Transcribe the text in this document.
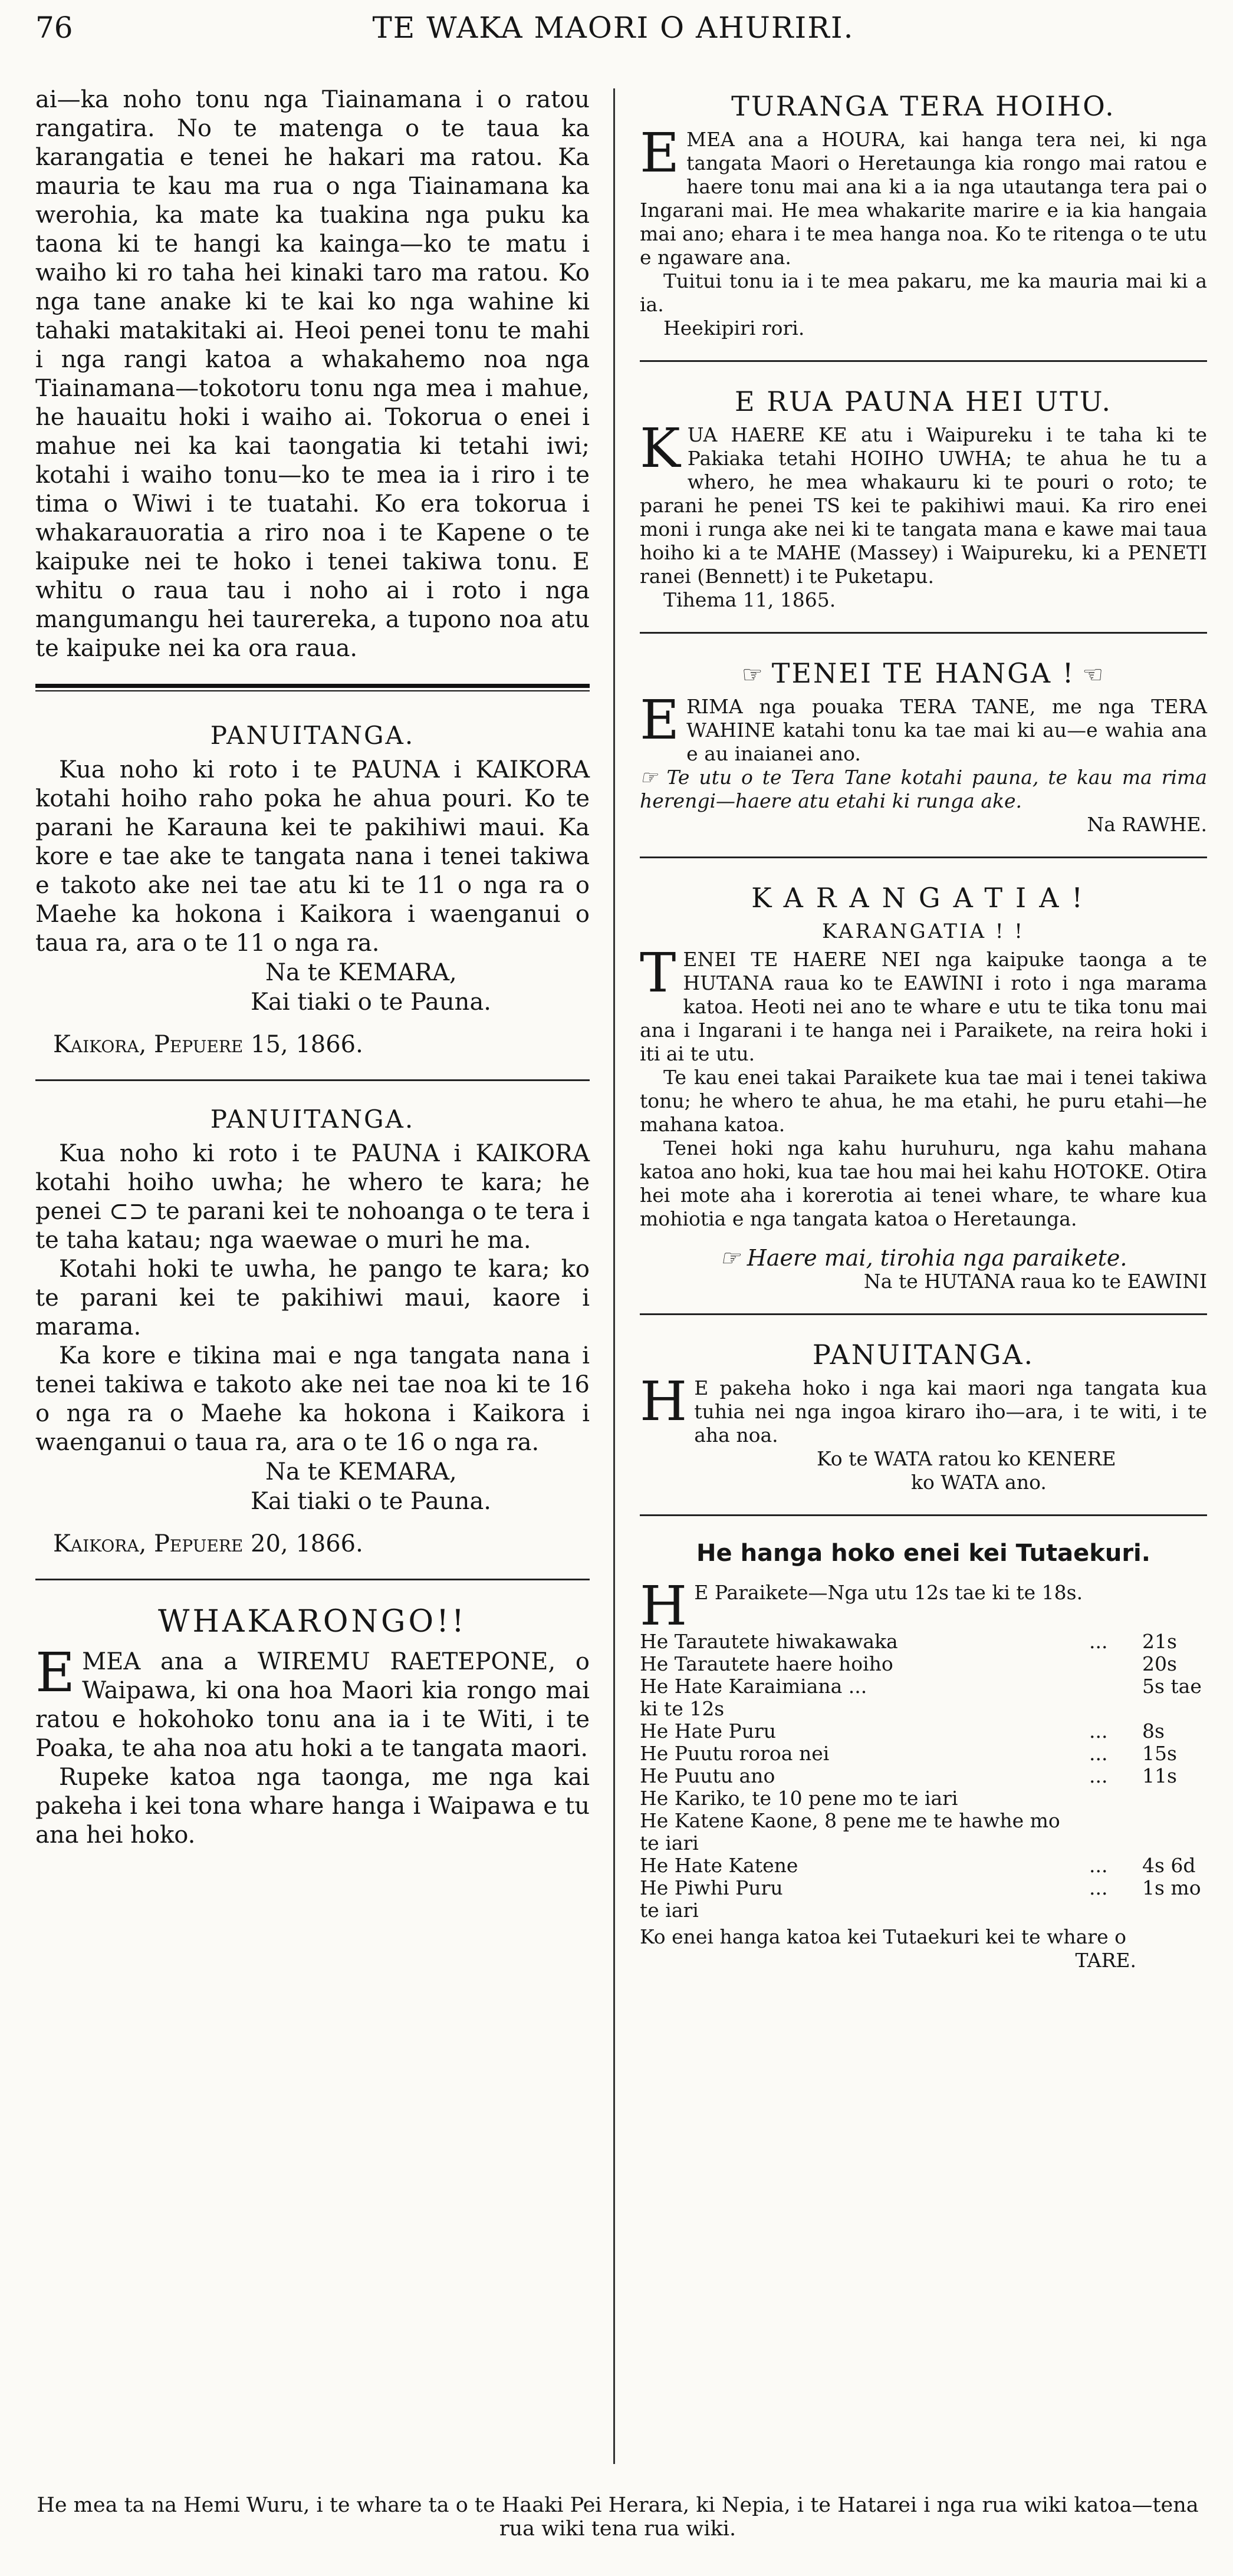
76	TE WAKA MAORI O AHURIRI.

ai—ka noho tonu nga Tiainamana i o ratou rangatira. No te matenga o te taua ka karangatia e tenei he hakari ma ratou. Ka mauria te kau ma rua o nga Tiainamana ka werohia, ka mate ka tuakina nga puku ka taona ki te hangi ka kainga—ko te matu i waiho ki ro taha hei kinaki taro ma ratou. Ko nga tane anake ki te kai ko nga wahine ki tahaki matakitaki ai. Heoi penei tonu te mahi i nga rangi katoa a whakahemo noa nga Tiainamana—tokotoru tonu nga mea i mahue, he hauaitu hoki i waiho ai. Tokorua o enei i mahue nei ka kai taongatia ki tetahi iwi; kotahi i waiho tonu—ko te mea ia i riro i te tima o Wiwi i te tuatahi. Ko era tokorua i whakarauoratia a riro noa i te Kapene o te kaipuke nei te hoko i tenei takiwa tonu. E whitu o raua tau i noho ai i roto i nga mangumangu hei taurereka, a tupono noa atu te kaipuke nei ka ora raua.

PANUITANGA.

Kua noho ki roto i te PAUNA i KAIKORA kotahi hoiho raho poka he ahua pouri. Ko te parani he Karauna kei te pakihiwi maui. Ka kore e tae ake te tangata nana i tenei takiwa e takoto ake nei tae atu ki te 11 o nga ra o Maehe ka hokona i Kaikora i waenganui o taua ra, ara o te 11 o nga ra.

Na te KEMARA,
Kai tiaki o te Pauna.
Kaikora, Pepuere 15, 1866.
PANUITANGA.

Kua noho ki roto i te PAUNA i KAIKORA kotahi hoiho uwha; he whero te kara; he penei ⊂⊃ te parani kei te nohoanga o te tera i te taha katau; nga waewae o muri he ma.

Kotahi hoki te uwha, he pango te kara; ko te parani kei te pakihiwi maui, kaore i marama.

Ka kore e tikina mai e nga tangata nana i tenei takiwa e takoto ake nei tae noa ki te 16 o nga ra o Maehe ka hokona i Kaikora i waenganui o taua ra, ara o te 16 o nga ra.

Na te KEMARA,
Kai tiaki o te Pauna.
Kaikora, Pepuere 20, 1866.
WHAKARONGO!!

EMEA ana a WIREMU RAETEPONE, o Waipawa, ki ona hoa Maori kia rongo mai ratou e hokohoko tonu ana ia i te Witi, i te Poaka, te aha noa atu hoki a te tangata maori.

Rupeke katoa nga taonga, me nga kai pakeha i kei tona whare hanga i Waipawa e tu ana hei hoko.

TURANGA TERA HOIHO.

EMEA ana a HOURA, kai hanga tera nei, ki nga tangata Maori o Heretaunga kia rongo mai ratou e haere tonu mai ana ki a ia nga utautanga tera pai o Ingarani mai. He mea whakarite marire e ia kia hangaia mai ano; ehara i te mea hanga noa. Ko te ritenga o te utu e ngaware ana.

Tuitui tonu ia i te mea pakaru, me ka mauria mai ki a ia.

Heekipiri rori.

E RUA PAUNA HEI UTU.

KUA HAERE KE atu i Waipureku i te taha ki te Pakiaka tetahi HOIHO UWHA; te ahua he tu a whero, he mea whakauru ki te pouri o roto; te parani he penei TS kei te pakihiwi maui. Ka riro enei moni i runga ake nei ki te tangata mana e kawe mai taua hoiho ki a te MAHE (Massey) i Waipureku, ki a PENETI ranei (Bennett) i te Puketapu.

Tihema 11, 1865.

☞ TENEI TE HANGA ! ☜

ERIMA nga pouaka TERA TANE, me nga TERA WAHINE katahi tonu ka tae mai ki au—e wahia ana e au inaianei ano.

☞ Te utu o te Tera Tane kotahi pauna, te kau ma rima herengi—haere atu etahi ki runga ake.

Na RAWHE.

KARANGATIA!
KARANGATIA ! !

TENEI TE HAERE NEI nga kaipuke taonga a te HUTANA raua ko te EAWINI i roto i nga marama katoa. Heoti nei ano te whare e utu te tika tonu mai ana i Ingarani i te hanga nei i Paraikete, na reira hoki i iti ai te utu.

Te kau enei takai Paraikete kua tae mai i tenei takiwa tonu; he whero te ahua, he ma etahi, he puru etahi—he mahana katoa.

Tenei hoki nga kahu huruhuru, nga kahu mahana katoa ano hoki, kua tae hou mai hei kahu HOTOKE. Otira hei mote aha i korerotia ai tenei whare, te whare kua mohiotia e nga tangata katoa o Heretaunga.

☞ Haere mai, tirohia nga paraikete.

Na te HUTANA raua ko te EAWINI

PANUITANGA.

H E pakeha hoko i nga kai maori nga tangata kua tuhia nei nga ingoa kiraro iho—ara, i te witi, i te aha noa.

Ko te WATA ratou ko KENERE

ko WATA ano.

He hanga hoko enei kei Tutaekuri.

H E Paraikete—Nga utu 12s tae ki te 18s.

He Tarautete hiwakawaka	...	21s
He Tarautete haere hoiho		20s
He Hate Karaimiana ...		5s tae
ki te 12s		
He Hate Puru	...	8s
He Puutu roroa nei	...	15s
He Puutu ano	...	11s
He Kariko, te 10 pene mo te iari		
He Katene Kaone, 8 pene me te hawhe mo		
te iari		
He Hate Katene	...	4s 6d
He Piwhi Puru	...	1s mo
te iari		

Ko enei hanga katoa kei Tutaekuri kei te whare o

TARE.

He mea ta na Hemi Wuru, i te whare ta o te Haaki Pei Herara, ki Nepia, i te Hatarei i nga rua wiki katoa—tena rua wiki tena rua wiki.
